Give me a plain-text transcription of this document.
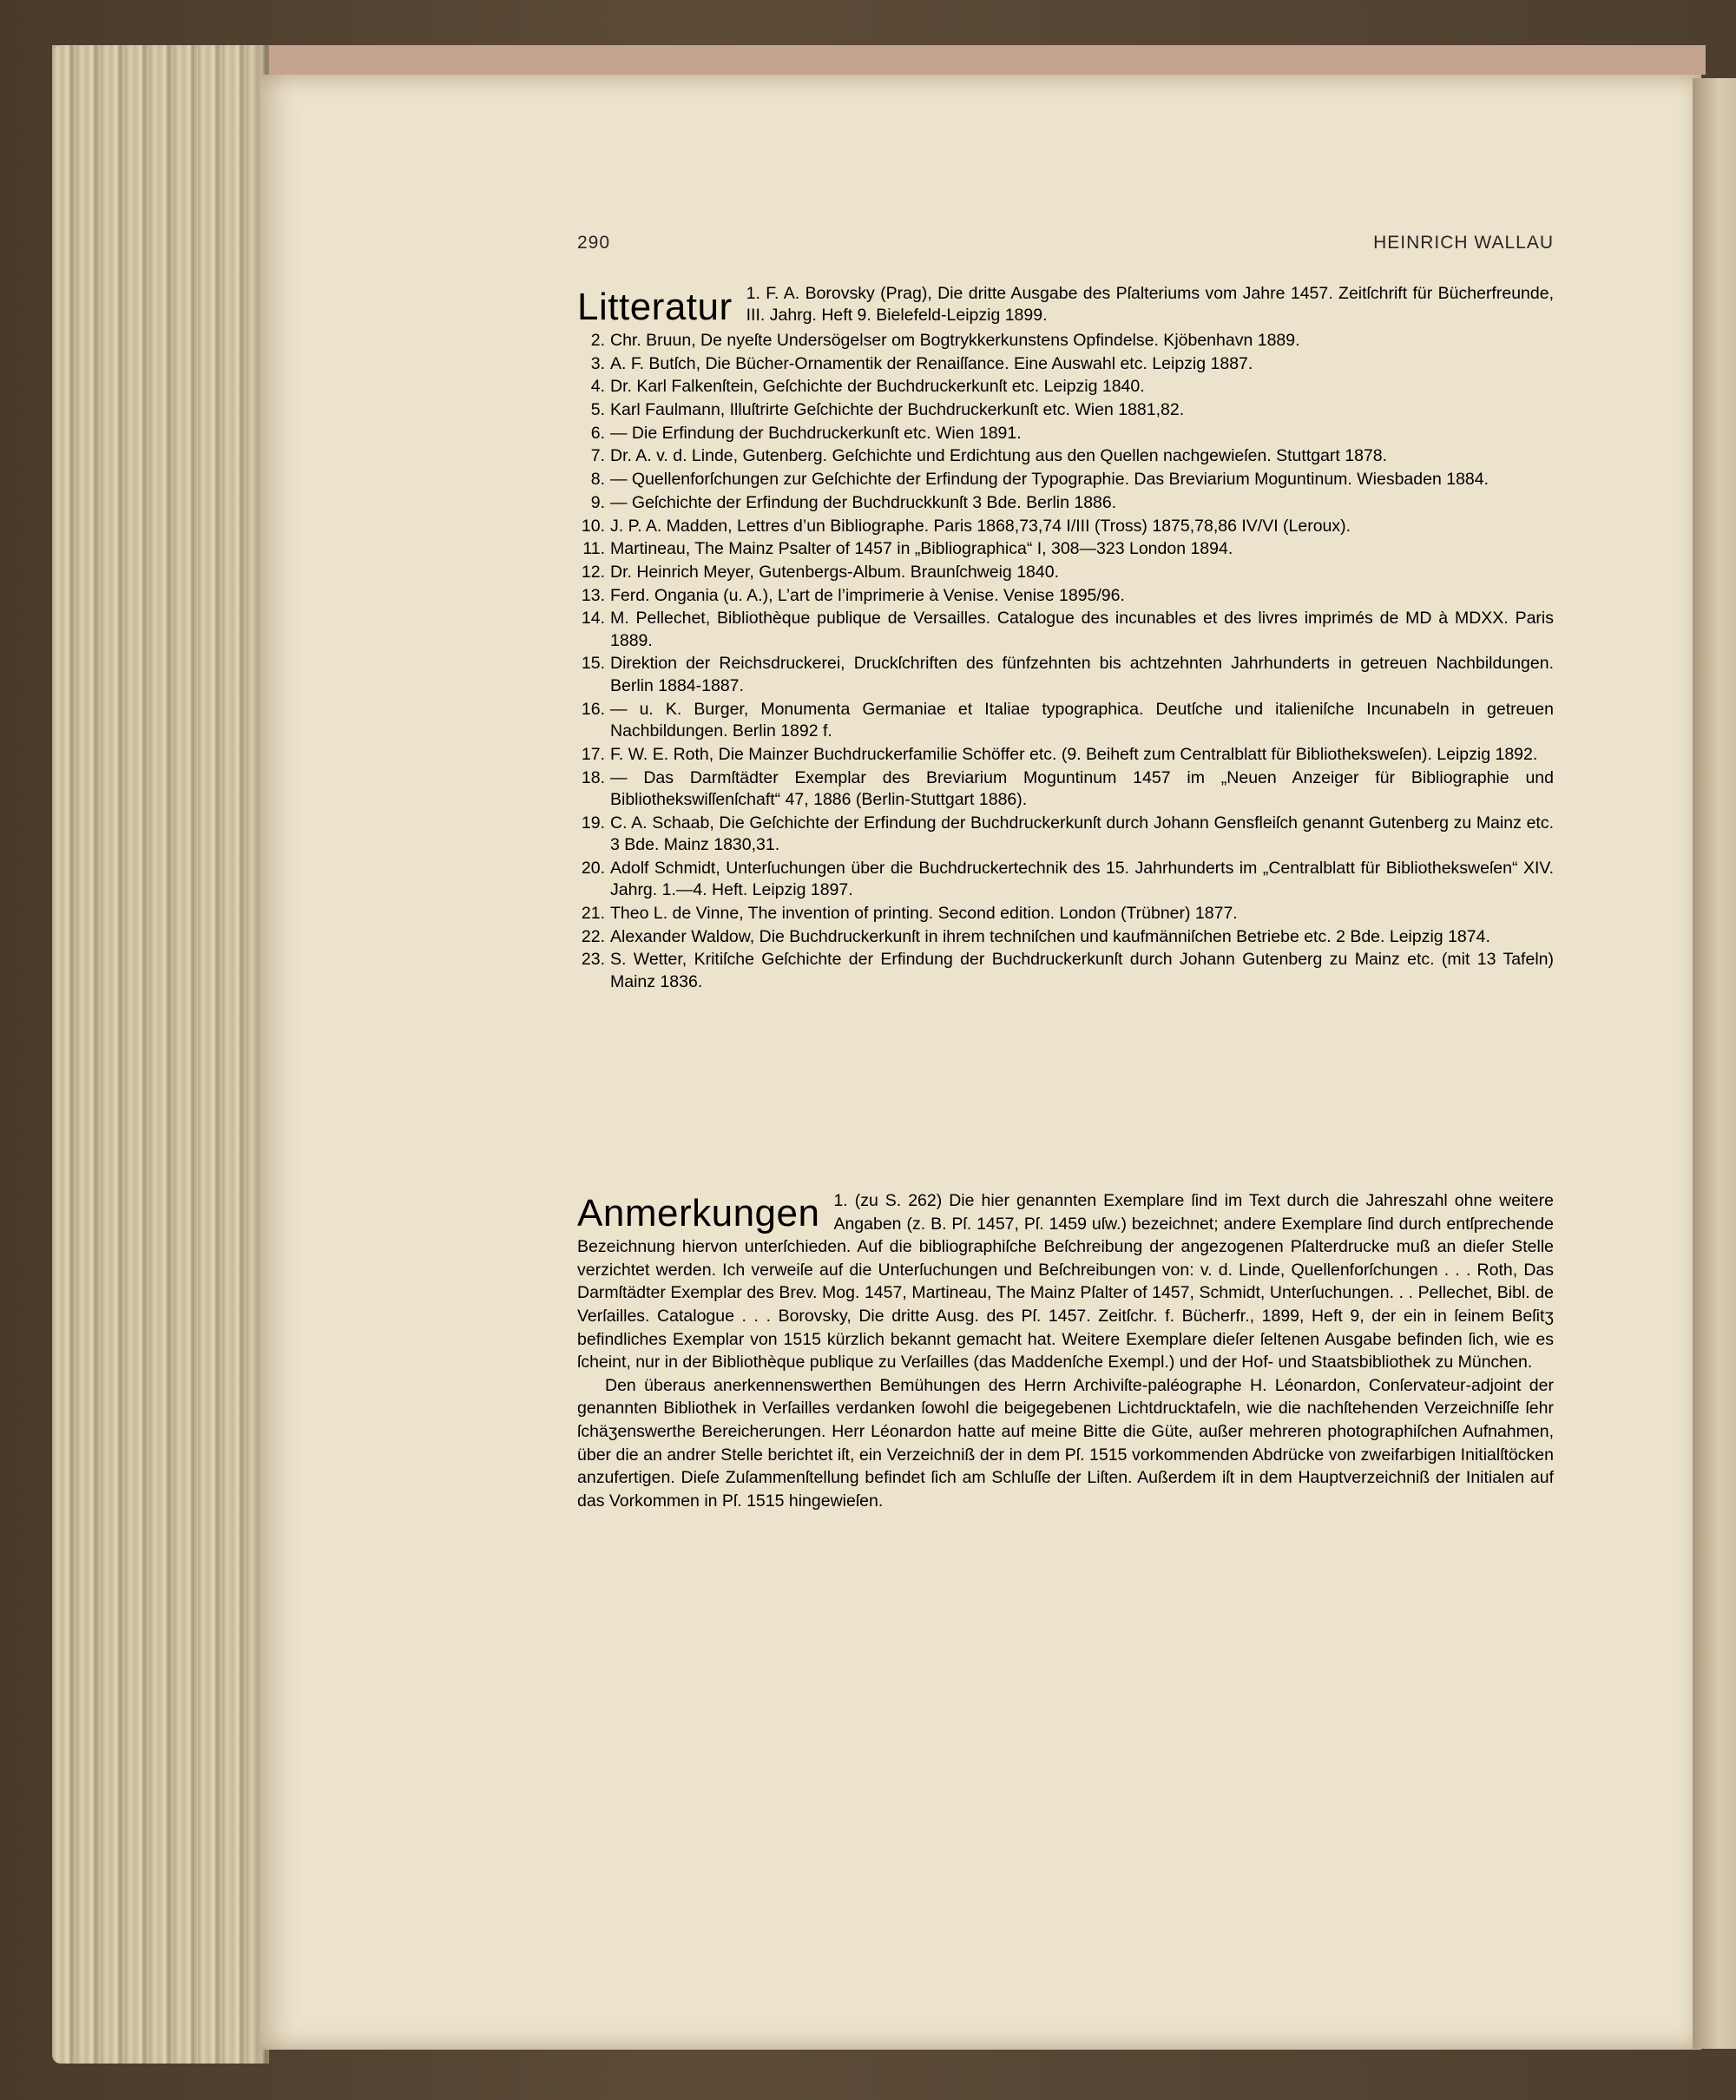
290	HEINRICH WALLAU
Litteratur 1. F. A. Borovsky (Prag), Die dritte Ausgabe des Pſalteriums vom Jahre 1457. Zeitſchrift für Bücherfreunde, III. Jahrg. Heft 9. Bielefeld-Leipzig 1899.
2. Chr. Bruun, De nyeſte Undersögelser om Bogtrykkerkunstens Opfindelse. Kjöbenhavn 1889.
3. A. F. Butſch, Die Bücher-Ornamentik der Renaiſſance. Eine Auswahl etc. Leipzig 1887.
4. Dr. Karl Falkenſtein, Geſchichte der Buchdruckerkunſt etc. Leipzig 1840.
5. Karl Faulmann, Illuſtrirte Geſchichte der Buchdruckerkunſt etc. Wien 1881,82.
6. — Die Erfindung der Buchdruckerkunſt etc. Wien 1891.
7. Dr. A. v. d. Linde, Gutenberg. Geſchichte und Erdichtung aus den Quellen nachgewieſen. Stuttgart 1878.
8. — Quellenforſchungen zur Geſchichte der Erfindung der Typographie. Das Breviarium Moguntinum. Wiesbaden 1884.
9. — Geſchichte der Erfindung der Buchdruckkunſt 3 Bde. Berlin 1886.
10. J. P. A. Madden, Lettres d’un Bibliographe. Paris 1868,73,74 I/III (Tross) 1875,78,86 IV/VI (Leroux).
11. Martineau, The Mainz Psalter of 1457 in „Bibliographica“ I, 308—323 London 1894.
12. Dr. Heinrich Meyer, Gutenbergs-Album. Braunſchweig 1840.
13. Ferd. Ongania (u. A.), L’art de l’imprimerie à Venise. Venise 1895/96.
14. M. Pellechet, Bibliothèque publique de Versailles. Catalogue des incunables et des livres imprimés de MD à MDXX. Paris 1889.
15. Direktion der Reichsdruckerei, Druckſchriften des fünfzehnten bis achtzehnten Jahrhunderts in getreuen Nachbildungen. Berlin 1884-1887.
16. — u. K. Burger, Monumenta Germaniae et Italiae typographica. Deutſche und italieniſche Incunabeln in getreuen Nachbildungen. Berlin 1892 f.
17. F. W. E. Roth, Die Mainzer Buchdruckerfamilie Schöffer etc. (9. Beiheft zum Centralblatt für Bibliotheksweſen). Leipzig 1892.
18. — Das Darmſtädter Exemplar des Breviarium Moguntinum 1457 im „Neuen Anzeiger für Bibliographie und Bibliothekswiſſenſchaft“ 47, 1886 (Berlin-Stuttgart 1886).
19. C. A. Schaab, Die Geſchichte der Erfindung der Buchdruckerkunſt durch Johann Gensfleiſch genannt Gutenberg zu Mainz etc. 3 Bde. Mainz 1830,31.
20. Adolf Schmidt, Unterſuchungen über die Buchdruckertechnik des 15. Jahrhunderts im „Centralblatt für Bibliotheksweſen“ XIV. Jahrg. 1.—4. Heft. Leipzig 1897.
21. Theo L. de Vinne, The invention of printing. Second edition. London (Trübner) 1877.
22. Alexander Waldow, Die Buchdruckerkunſt in ihrem techniſchen und kaufmänniſchen Betriebe etc. 2 Bde. Leipzig 1874.
23. S. Wetter, Kritiſche Geſchichte der Erfindung der Buchdruckerkunſt durch Johann Gutenberg zu Mainz etc. (mit 13 Tafeln) Mainz 1836.
Anmerkungen 1. (zu S. 262) Die hier genannten Exemplare ſind im Text durch die Jahreszahl ohne weitere Angaben (z. B. Pſ. 1457, Pſ. 1459 uſw.) bezeichnet; andere Exemplare ſind durch entſprechende Bezeichnung hiervon unterſchieden. Auf die bibliographiſche Beſchreibung der angezogenen Pſalterdrucke muß an dieſer Stelle verzichtet werden. Ich verweiſe auf die Unterſuchungen und Beſchreibungen von: v. d. Linde, Quellenforſchungen . . . Roth, Das Darmſtädter Exemplar des Brev. Mog. 1457, Martineau, The Mainz Pſalter of 1457, Schmidt, Unterſuchungen. . . Pellechet, Bibl. de Verſailles. Catalogue . . . Borovsky, Die dritte Ausg. des Pſ. 1457. Zeitſchr. f. Bücherfr., 1899, Heft 9, der ein in ſeinem Beſitʒ befindliches Exemplar von 1515 kürzlich bekannt gemacht hat. Weitere Exemplare dieſer ſeltenen Ausgabe befinden ſich, wie es ſcheint, nur in der Bibliothèque publique zu Verſailles (das Maddenſche Exempl.) und der Hof- und Staatsbibliothek zu München.

Den überaus anerkennenswerthen Bemühungen des Herrn Archiviſte-paléographe H. Léonardon, Conſervateur-adjoint der genannten Bibliothek in Verſailles verdanken ſowohl die beigegebenen Lichtdrucktafeln, wie die nachſtehenden Verzeichniſſe ſehr ſchäʒenswerthe Bereicherungen. Herr Léonardon hatte auf meine Bitte die Güte, außer mehreren photographiſchen Aufnahmen, über die an andrer Stelle berichtet iſt, ein Verzeichniß der in dem Pſ. 1515 vorkommenden Abdrücke von zweifarbigen Initialſtöcken anzufertigen. Dieſe Zuſammenſtellung befindet ſich am Schluſſe der Liſten. Außerdem iſt in dem Hauptverzeichniß der Initialen auf das Vorkommen in Pſ. 1515 hingewieſen.
